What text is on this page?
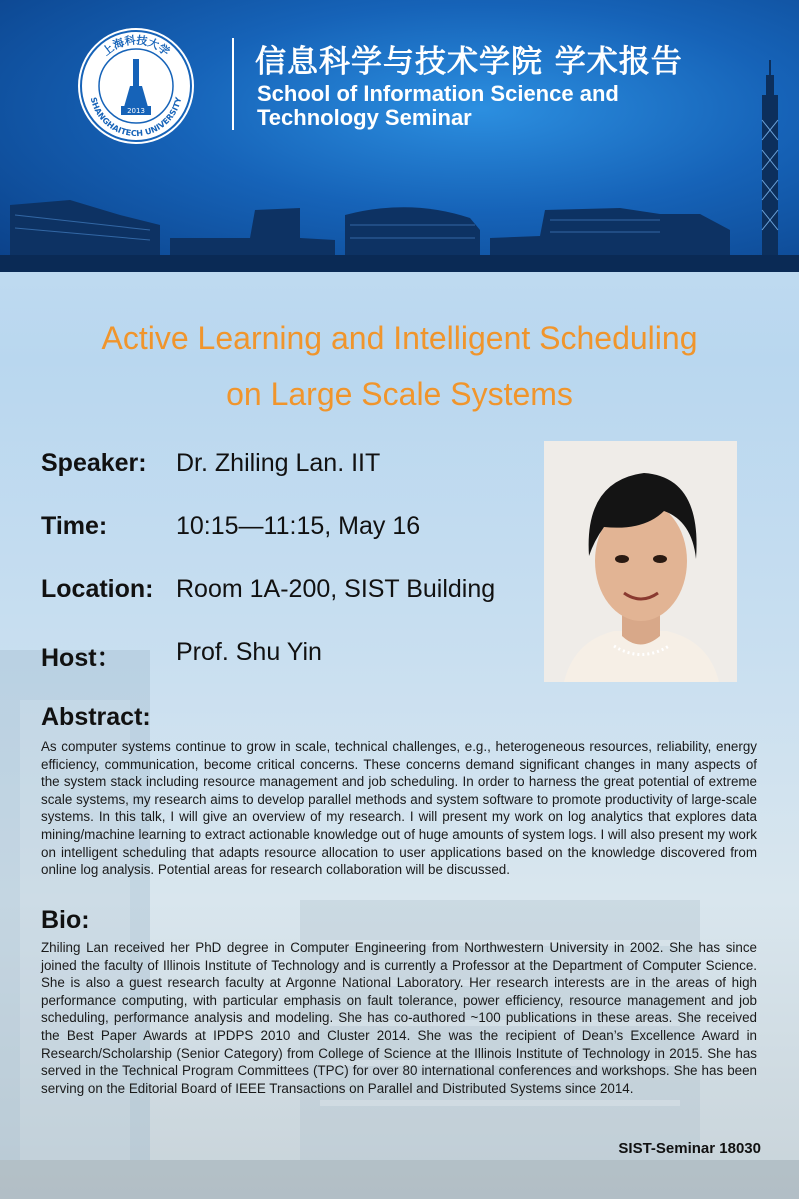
2013
上海科技大学
SHANGHAITECH UNIVERSITY
信息科学与技术学院 学术报告
School of Information Science and
Technology Seminar
Active Learning and Intelligent Scheduling
on Large Scale Systems
Speaker: Dr. Zhiling Lan. IIT
Time:	10:15—11:15, May 16
Location: Room 1A-200, SIST Building
Host： Prof. Shu Yin
Abstract:
As computer systems continue to grow in scale, technical challenges, e.g., heterogeneous resources, reliability, energy efficiency, communication, become critical concerns. These concerns demand significant changes in many aspects of the system stack including resource management and job scheduling. In order to harness the great potential of extreme scale systems, my research aims to develop parallel methods and system software to promote productivity of large-scale systems. In this talk, I will give an overview of my research. I will present my work on log analytics that explores data mining/machine learning to extract actionable knowledge out of huge amounts of system logs. I will also present my work on intelligent scheduling that adapts resource allocation to user applications based on the knowledge discovered from online log analysis. Potential areas for research collaboration will be discussed.
Bio:
Zhiling Lan received her PhD degree in Computer Engineering from Northwestern University in 2002. She has since joined the faculty of Illinois Institute of Technology and is currently a Professor at the Department of Computer Science. She is also a guest research faculty at Argonne National Laboratory. Her research interests are in the areas of high performance computing, with particular emphasis on fault tolerance, power efficiency, resource management and job scheduling, performance analysis and modeling. She has co-authored ~100 publications in these areas. She received the Best Paper Awards at IPDPS 2010 and Cluster 2014. She was the recipient of Dean’s Excellence Award in Research/Scholarship (Senior Category) from College of Science at the Illinois Institute of Technology in 2015. She has served in the Technical Program Committees (TPC) for over 80 international conferences and workshops. She has been serving on the Editorial Board of IEEE Transactions on Parallel and Distributed Systems since 2014.
SIST-Seminar 18030
